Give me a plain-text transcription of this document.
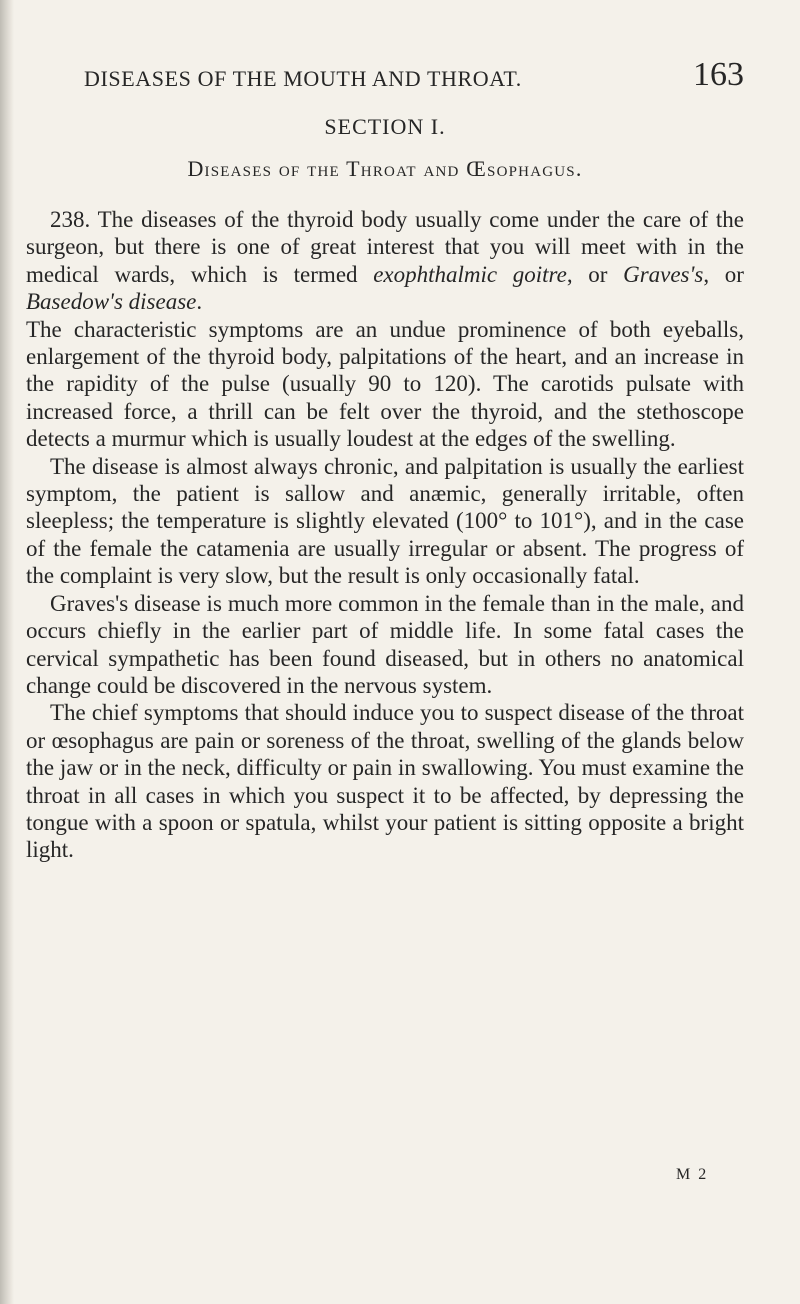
DISEASES OF THE MOUTH AND THROAT.	163
SECTION I.
Diseases of the Throat and Œsophagus.

238. The diseases of the thyroid body usually come under the care of the surgeon, but there is one of great interest that you will meet with in the medical wards, which is termed exophthalmic goitre, or Graves's, or Basedow's disease.

The characteristic symptoms are an undue prominence of both eyeballs, enlargement of the thyroid body, palpitations of the heart, and an increase in the rapidity of the pulse (usually 90 to 120). The carotids pulsate with increased force, a thrill can be felt over the thyroid, and the stethoscope detects a murmur which is usually loudest at the edges of the swelling.

The disease is almost always chronic, and palpitation is usually the earliest symptom, the patient is sallow and anæmic, generally irritable, often sleepless; the temperature is slightly elevated (100° to 101°), and in the case of the female the catamenia are usually irregular or absent. The progress of the complaint is very slow, but the result is only occasionally fatal.

Graves's disease is much more common in the female than in the male, and occurs chiefly in the earlier part of middle life. In some fatal cases the cervical sympathetic has been found diseased, but in others no anatomical change could be discovered in the nervous system.

The chief symptoms that should induce you to suspect disease of the throat or œsophagus are pain or soreness of the throat, swelling of the glands below the jaw or in the neck, difficulty or pain in swallowing. You must examine the throat in all cases in which you suspect it to be affected, by depressing the tongue with a spoon or spatula, whilst your patient is sitting opposite a bright light.

M 2
